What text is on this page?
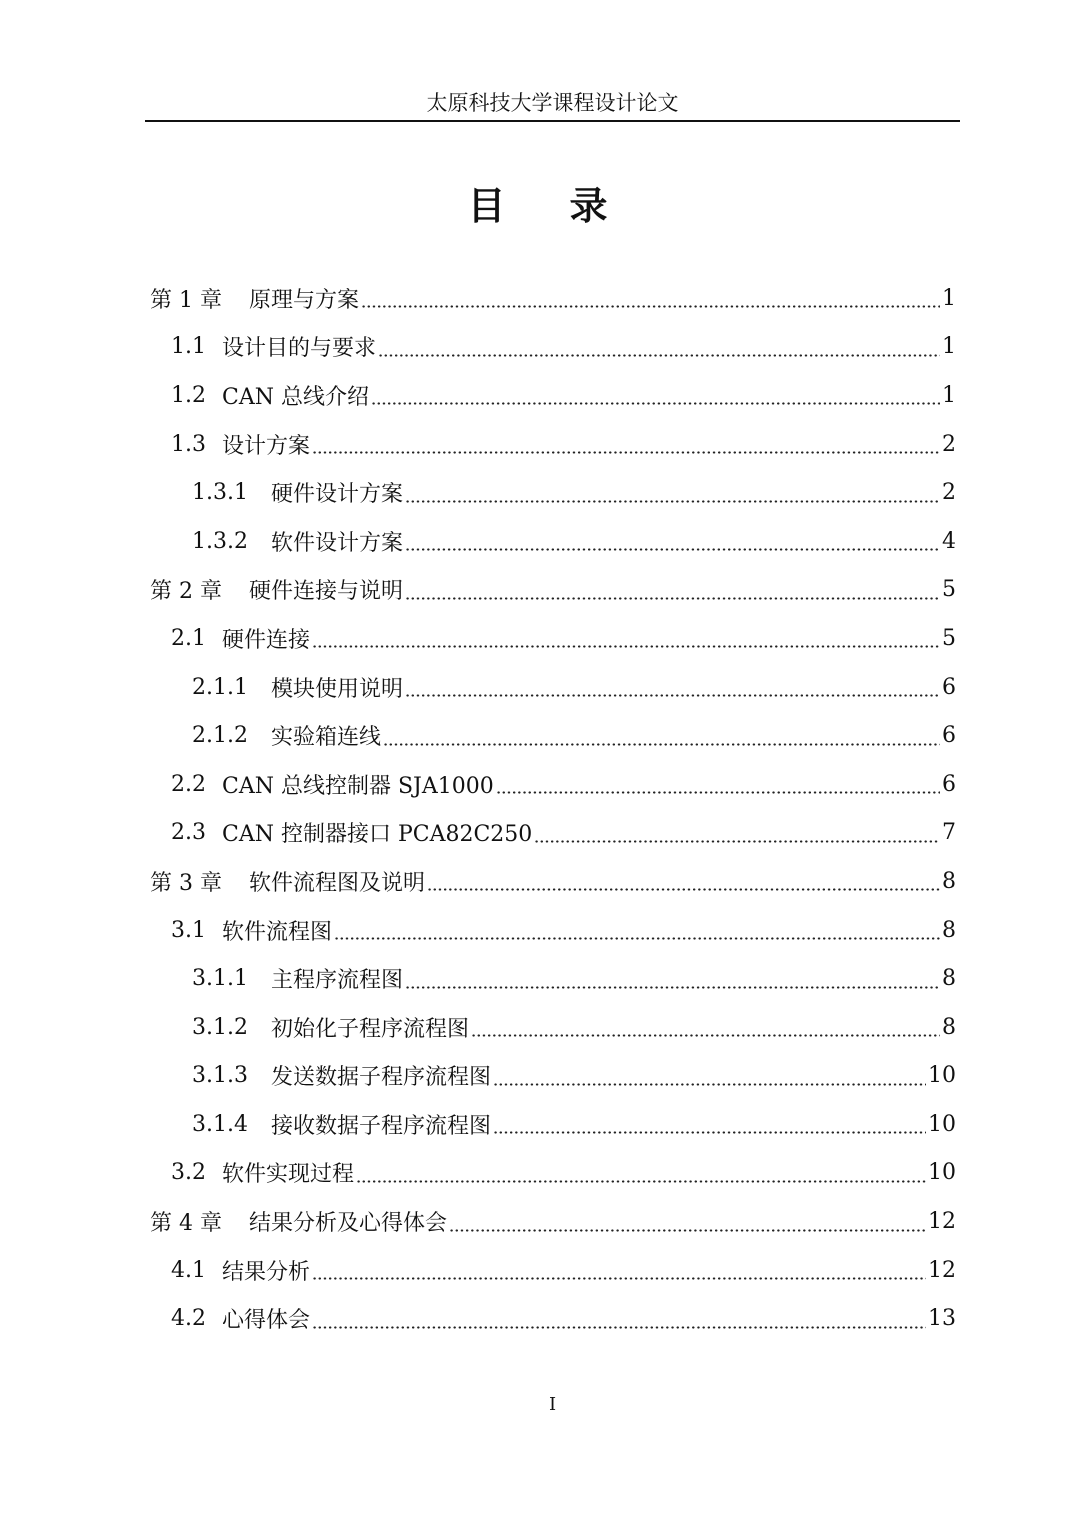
太原科技大学课程设计论文
目 录
第 1 章	原理与方案	1
1.1 设计目的与要求	1
1.2 CAN 总线介绍	1
1.3 设计方案	2
1.3.1	硬件设计方案	2
1.3.2	软件设计方案	4
第 2 章	硬件连接与说明	5
2.1 硬件连接	5
2.1.1	模块使用说明	6
2.1.2	实验箱连线	6
2.2 CAN 总线控制器 SJA1000	6
2.3 CAN 控制器接口 PCA82C250	7
第 3 章	软件流程图及说明	8
3.1 软件流程图	8
3.1.1	主程序流程图	8
3.1.2	初始化子程序流程图	8
3.1.3	发送数据子程序流程图	10
3.1.4	接收数据子程序流程图	10
3.2 软件实现过程	10
第 4 章	结果分析及心得体会	12
4.1 结果分析	12
4.2 心得体会	13
I
